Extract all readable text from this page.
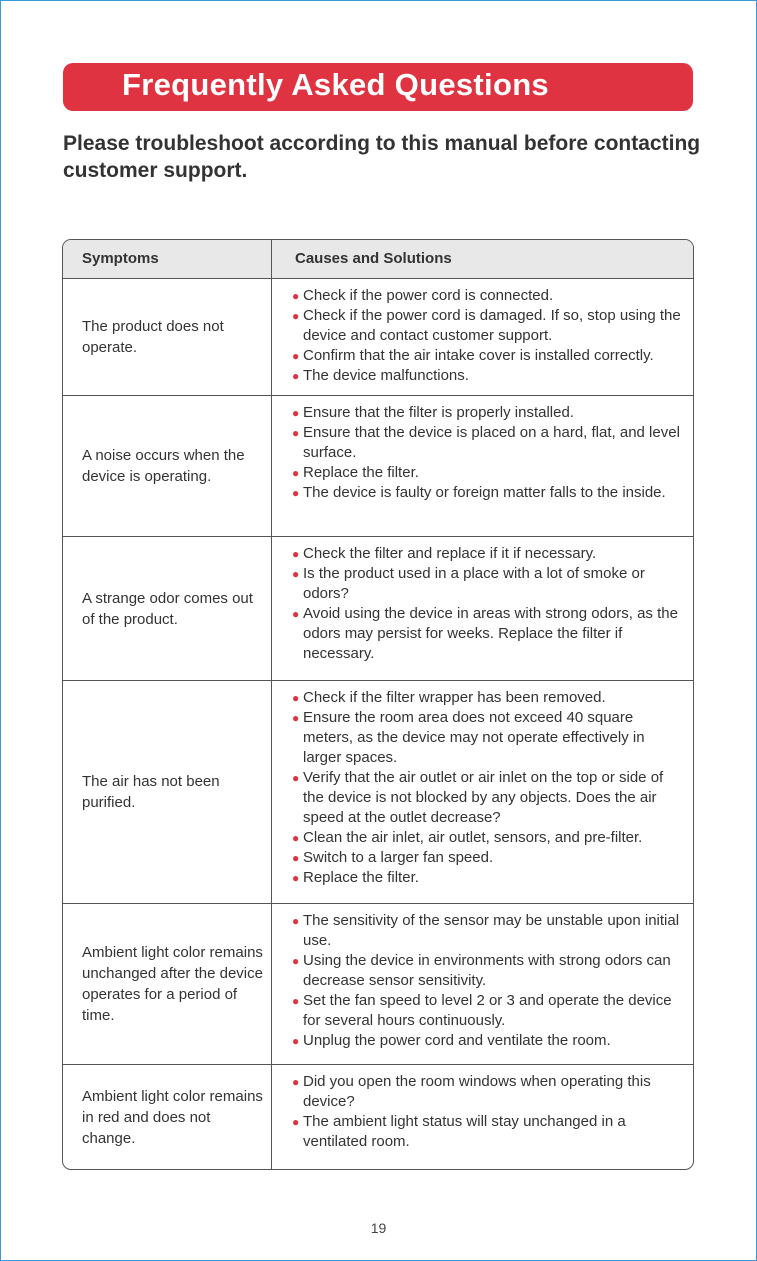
Frequently Asked Questions
Please troubleshoot according to this manual before contacting customer support.
Symptoms	Causes and Solutions
The product does not operate.
● Check if the power cord is connected.
● Check if the power cord is damaged. If so, stop using the device and contact customer support.
● Confirm that the air intake cover is installed correctly.
● The device malfunctions.
A noise occurs when the device is operating.
● Ensure that the filter is properly installed.
● Ensure that the device is placed on a hard, flat, and level surface.
● Replace the filter.
● The device is faulty or foreign matter falls to the inside.
A strange odor comes out of the product.
● Check the filter and replace if it if necessary.
● Is the product used in a place with a lot of smoke or odors?
● Avoid using the device in areas with strong odors, as the odors may persist for weeks. Replace the filter if necessary.
The air has not been purified.
● Check if the filter wrapper has been removed.
● Ensure the room area does not exceed 40 square meters, as the device may not operate effectively in larger spaces.
● Verify that the air outlet or air inlet on the top or side of the device is not blocked by any objects. Does the air speed at the outlet decrease?
● Clean the air inlet, air outlet, sensors, and pre-filter.
● Switch to a larger fan speed.
● Replace the filter.
Ambient light color remains unchanged after the device operates for a period of time.
● The sensitivity of the sensor may be unstable upon initial use.
● Using the device in environments with strong odors can decrease sensor sensitivity.
● Set the fan speed to level 2 or 3 and operate the device for several hours continuously.
● Unplug the power cord and ventilate the room.
Ambient light color remains in red and does not change.
● Did you open the room windows when operating this device?
● The ambient light status will stay unchanged in a ventilated room.
19
